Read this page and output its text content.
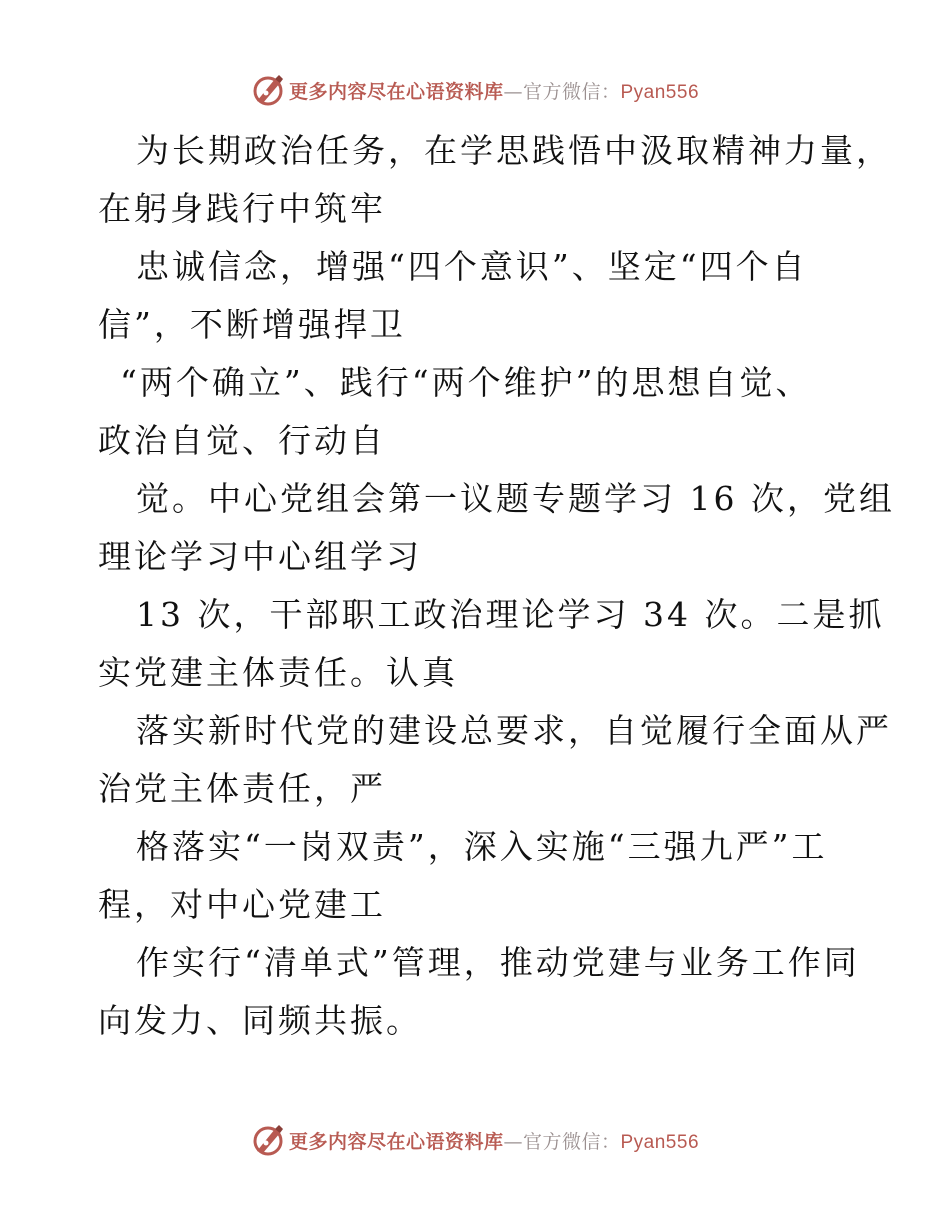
更多内容尽在心语资料库—官方微信：Pyan556
为长期政治任务，在学思践悟中汲取精神力量，
在躬身践行中筑牢
忠诚信念，增强“四个意识”、坚定“四个自
信”，不断增强捍卫
“两个确立”、践行“两个维护”的思想自觉、
政治自觉、行动自
觉。中心党组会第一议题专题学习 16 次，党组
理论学习中心组学习
13 次，干部职工政治理论学习 34 次。二是抓
实党建主体责任。认真
落实新时代党的建设总要求，自觉履行全面从严
治党主体责任，严
格落实“一岗双责”，深入实施“三强九严”工
程，对中心党建工
作实行“清单式”管理，推动党建与业务工作同
向发力、同频共振。
更多内容尽在心语资料库—官方微信：Pyan556
